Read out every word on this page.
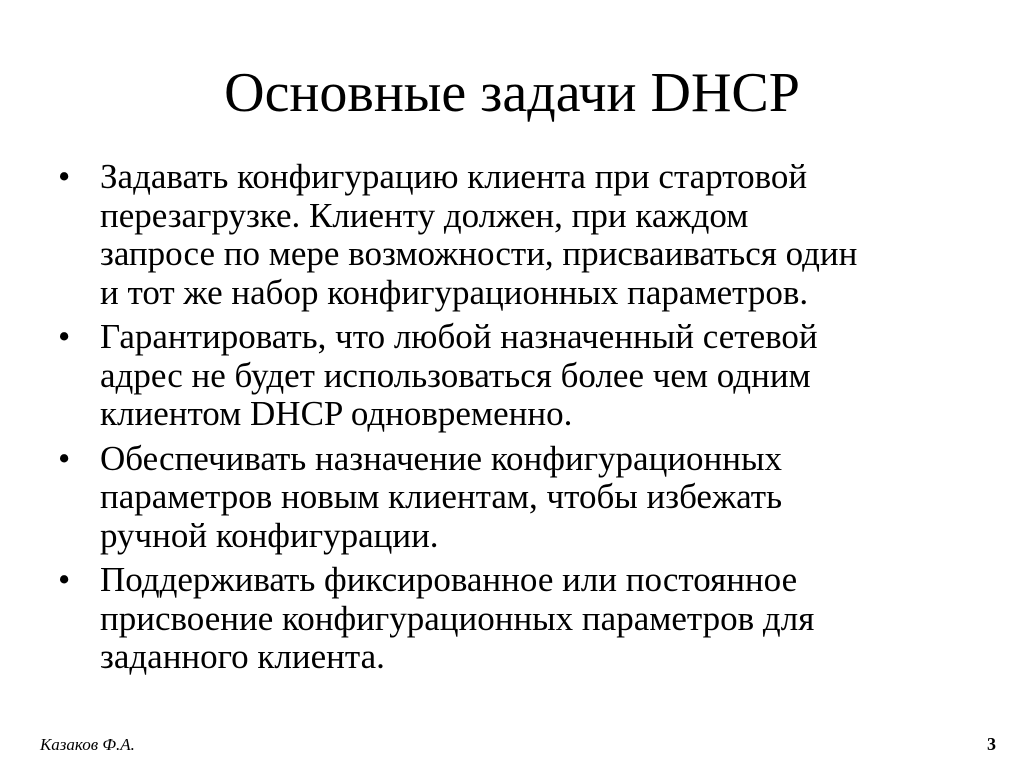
Основные задачи DHCP
• Задавать конфигурацию клиента при стартовой
перезагрузке. Клиенту должен, при каждом
запросе по мере возможности, присваиваться один
и тот же набор конфигурационных параметров.
• Гарантировать, что любой назначенный сетевой
адрес не будет использоваться более чем одним
клиентом DHCP одновременно.
• Обеспечивать назначение конфигурационных
параметров новым клиентам, чтобы избежать
ручной конфигурации.
• Поддерживать фиксированное или постоянное
присвоение конфигурационных параметров для
заданного клиента.
Казаков Ф.А.	3
